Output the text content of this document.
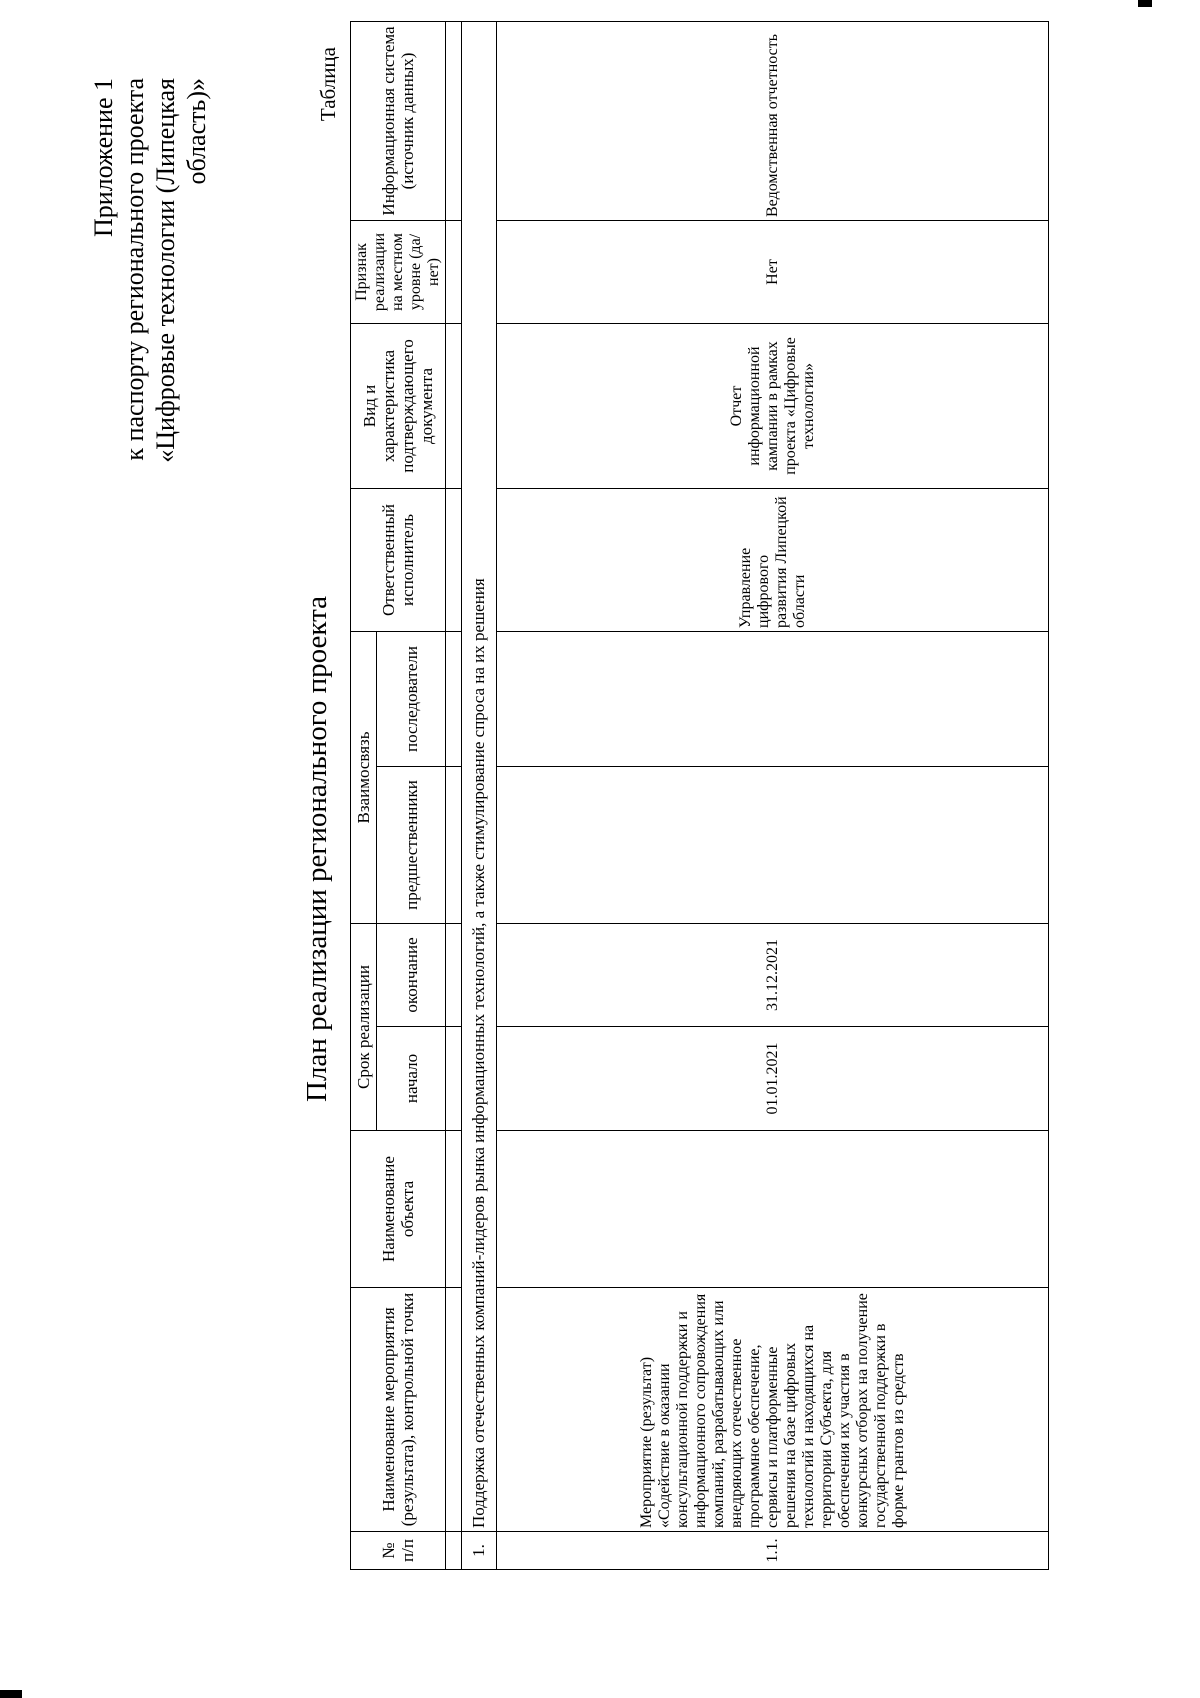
Приложение 1 к паспорту регионального проекта «Цифровые технологии (Липецкая область)»
План реализации регионального проекта
Таблица
№ п/п	Наименование мероприятия (результата), контрольной точки	Наименование объекта	Срок реализации		Взаимосвязь		Ответственный исполнитель	Вид и характеристика подтверждающего документа	Признак реализации на местном уровне (да/нет)	Информационная система (источник данных)
			начало	окончание	предшественники	последователи				

1.	Поддержка отечественных компаний-лидеров рынка информационных технологий, а также стимулирование спроса на их решения									
1.1.	Мероприятие (результат) «Содействие в оказании консультационной поддержки и информационного сопровождения компаний, разрабатывающих или внедряющих отечественное программное обеспечение, сервисы и платформенные решения на базе цифровых технологий и находящихся на территории Субъекта, для обеспечения их участия в конкурсных отборах на получение государственной поддержки в форме грантов из средств		01.01.2021	31.12.2021			Управление цифрового развития Липецкой области	Отчет информационной кампании в рамках проекта «Цифровые технологии»	Нет	Ведомственная отчетность
